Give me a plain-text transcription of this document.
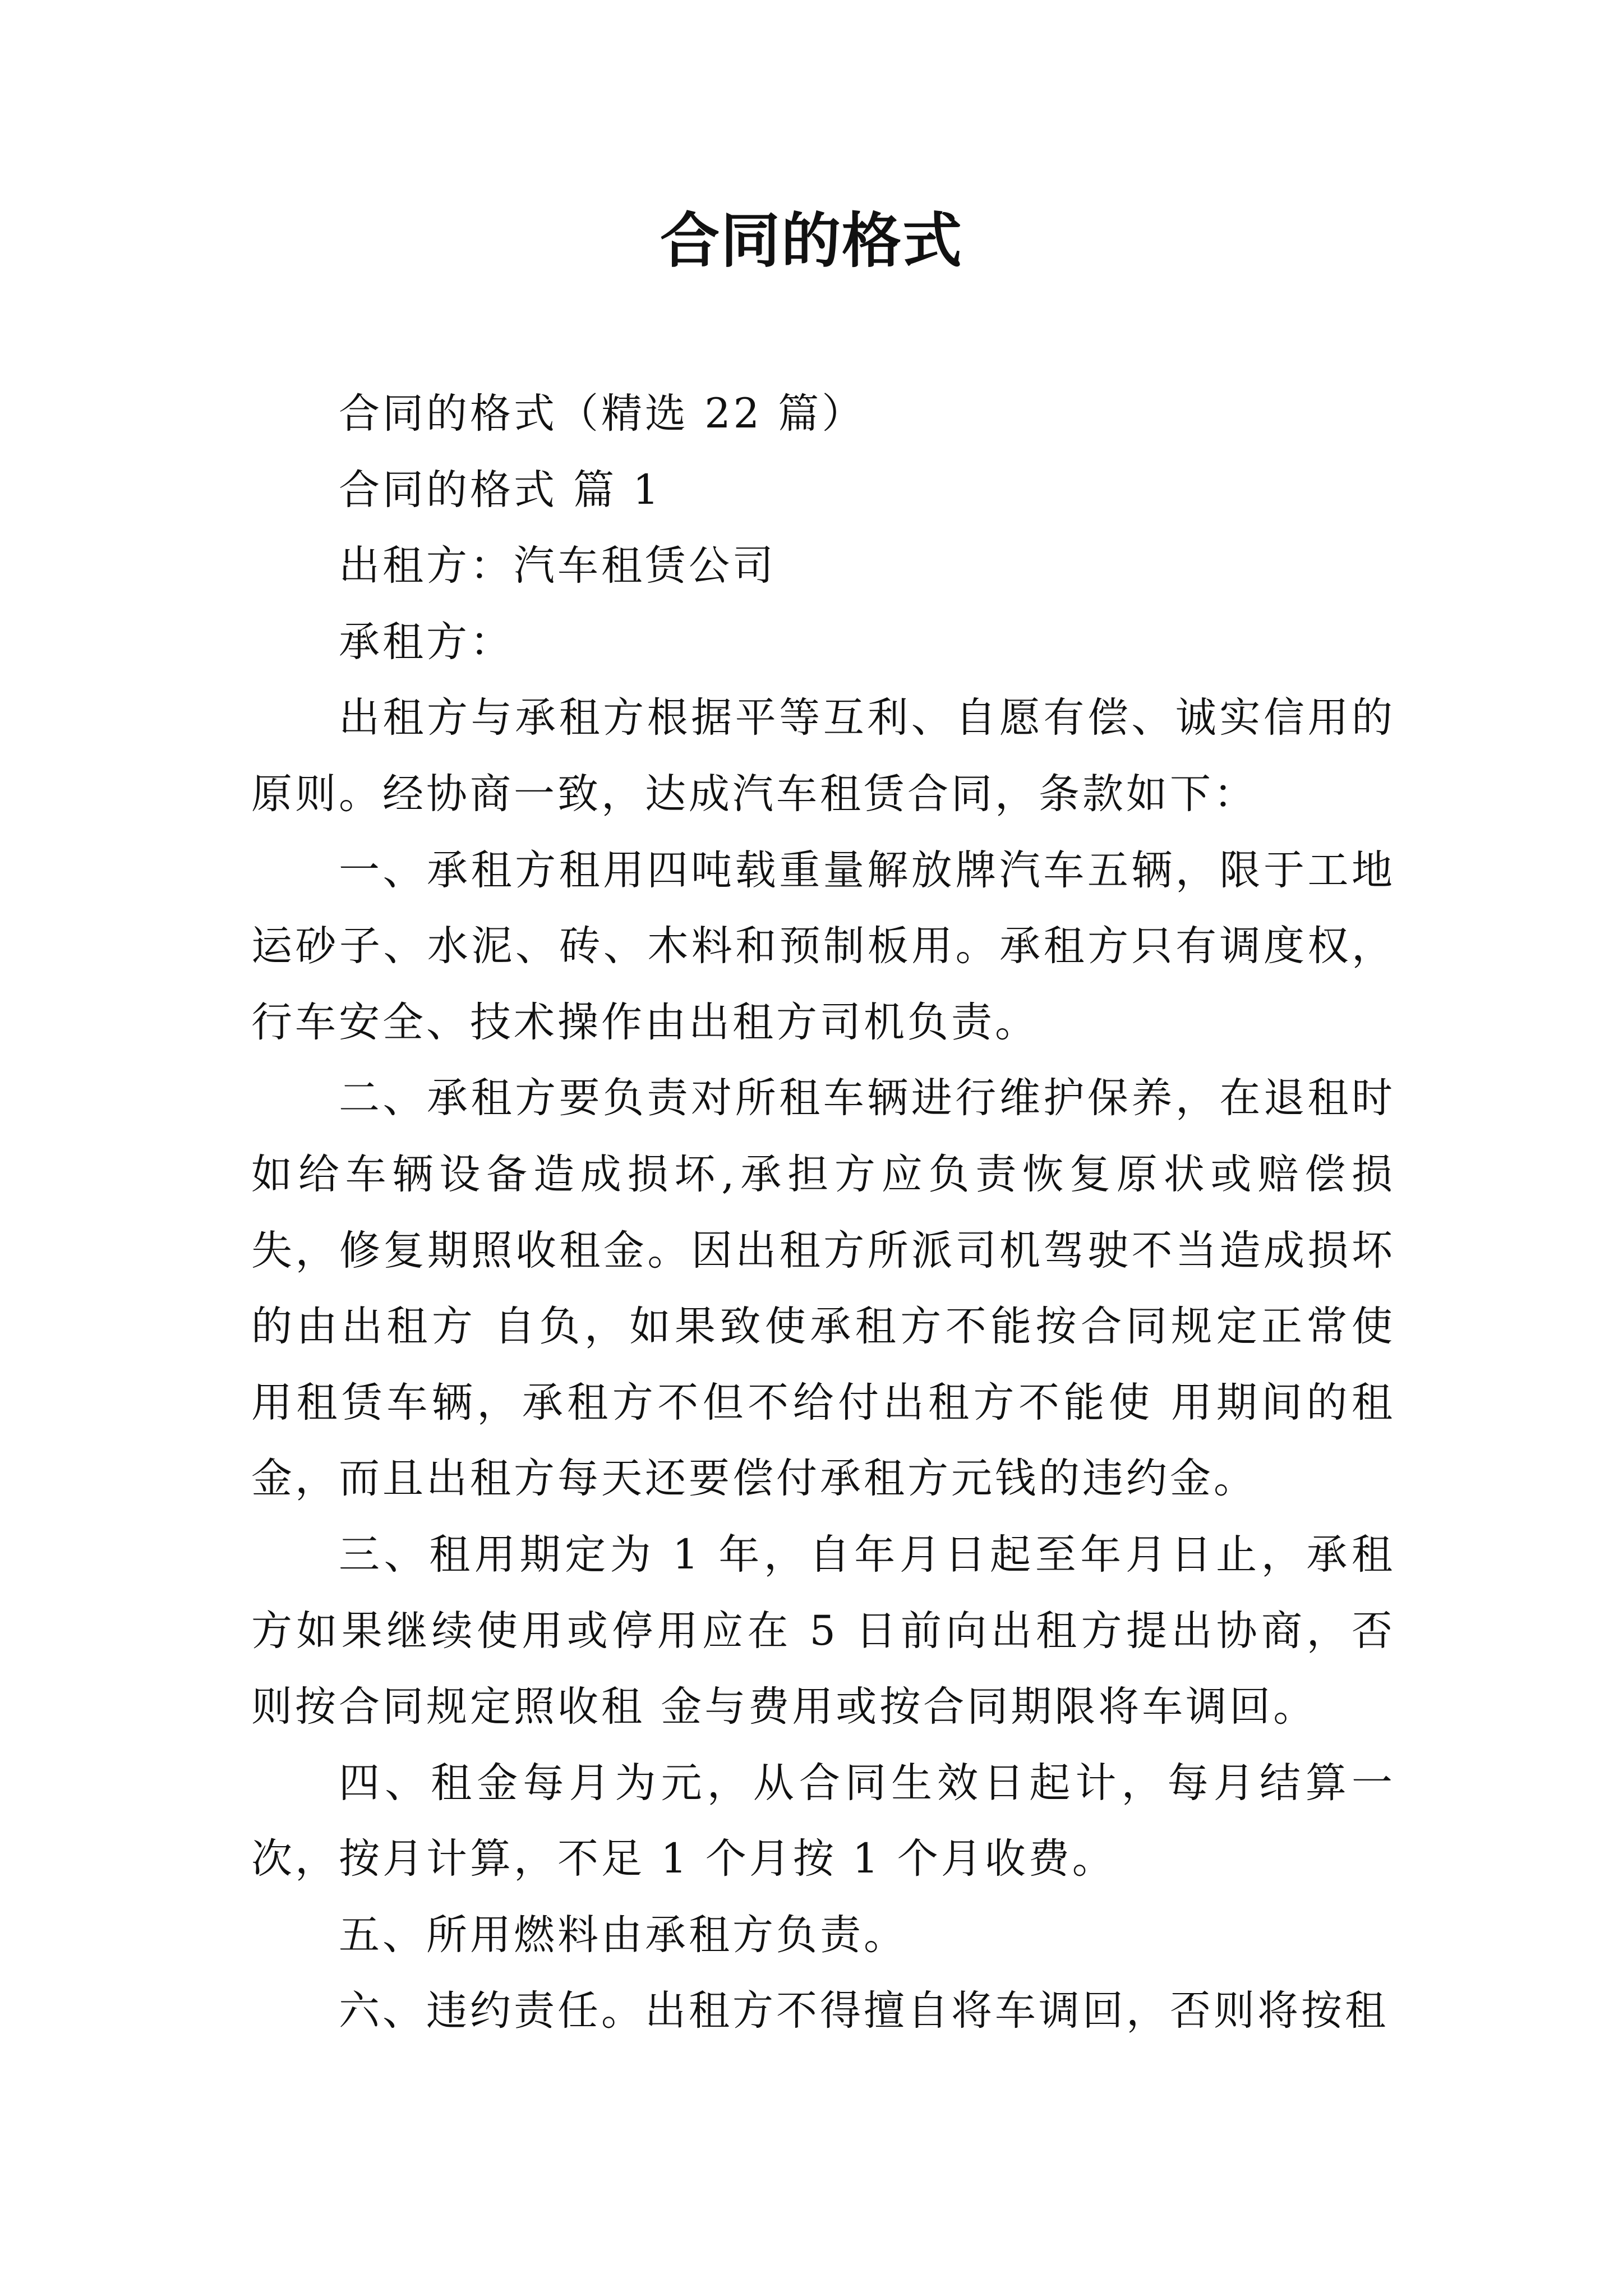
合同的格式

合同的格式（精选 22 篇）

合同的格式 篇 1

出租方：汽车租赁公司

承租方：

出租方与承租方根据平等互利、自愿有偿、诚实信用的原则。经协商一致，达成汽车租赁合同，条款如下：

一、承租方租用四吨载重量解放牌汽车五辆，限于工地运砂子、水泥、砖、木料和预制板用。承租方只有调度权，行车安全、技术操作由出租方司机负责。

二、承租方要负责对所租车辆进行维护保养，在退租时如给车辆设备造成损坏,承担方应负责恢复原状或赔偿损失，修复期照收租金。因出租方所派司机驾驶不当造成损坏的由出租方 自负，如果致使承租方不能按合同规定正常使用租赁车辆，承租方不但不给付出租方不能使 用期间的租金，而且出租方每天还要偿付承租方元钱的违约金。

三、租用期定为 1 年，自年月日起至年月日止，承租方如果继续使用或停用应在 5 日前向出租方提出协商，否则按合同规定照收租 金与费用或按合同期限将车调回。

四、租金每月为元，从合同生效日起计，每月结算一次，按月计算，不足 1 个月按 1 个月收费。

五、所用燃料由承租方负责。

六、违约责任。出租方不得擅自将车调回，否则将按租
